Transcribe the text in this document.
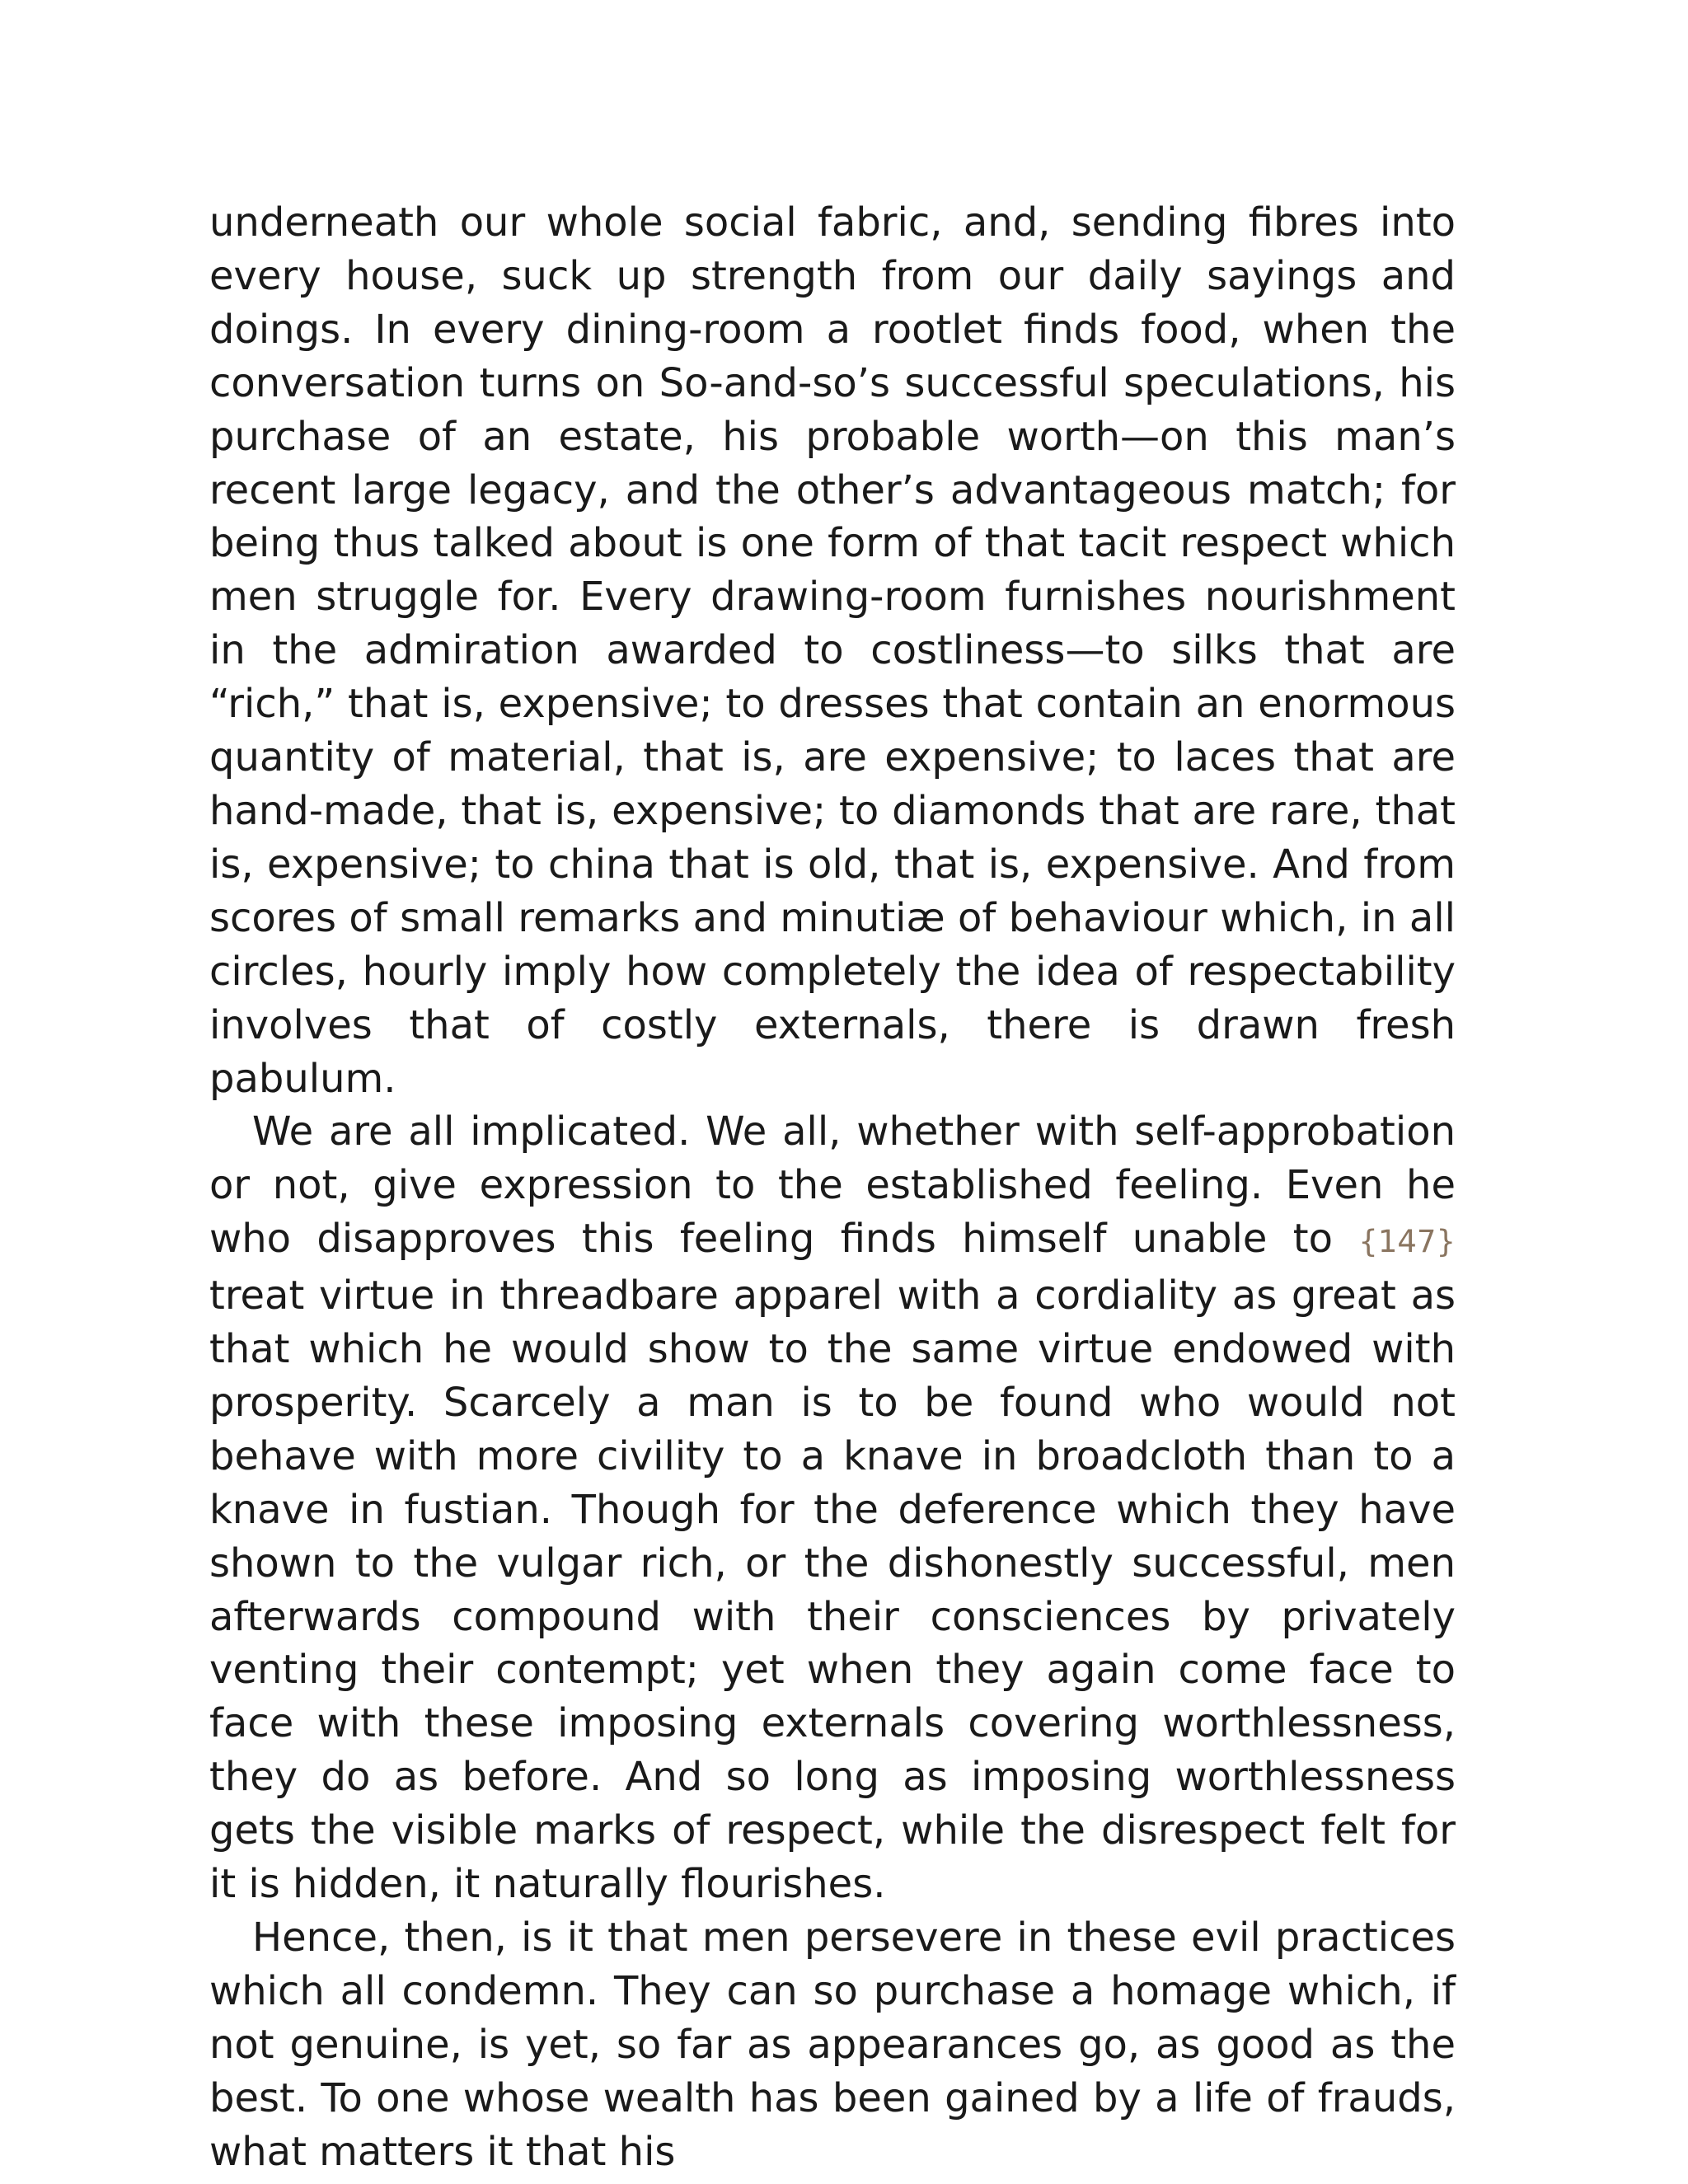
underneath our whole social fabric, and, sending fibres into every house, suck up strength from our daily sayings and doings. In every dining-room a rootlet finds food, when the conversation turns on So-and-so’s successful speculations, his purchase of an estate, his probable worth—on this man’s recent large legacy, and the other’s advantageous match; for being thus talked about is one form of that tacit respect which men struggle for. Every drawing-room furnishes nourishment in the admiration awarded to costliness—to silks that are “rich,” that is, expensive; to dresses that contain an enormous quantity of material, that is, are expensive; to laces that are hand-made, that is, expensive; to diamonds that are rare, that is, expensive; to china that is old, that is, expensive. And from scores of small remarks and minutiæ of behaviour which, in all circles, hourly imply how completely the idea of respectability involves that of costly externals, there is drawn fresh pabulum.

We are all implicated. We all, whether with self-approbation or not, give expression to the established feeling. Even he who disapproves this feeling finds himself unable to {147} treat virtue in threadbare apparel with a cordiality as great as that which he would show to the same virtue endowed with prosperity. Scarcely a man is to be found who would not behave with more civility to a knave in broadcloth than to a knave in fustian. Though for the deference which they have shown to the vulgar rich, or the dishonestly successful, men afterwards compound with their consciences by privately venting their contempt; yet when they again come face to face with these imposing externals covering worthlessness, they do as before. And so long as imposing worthlessness gets the visible marks of respect, while the disrespect felt for it is hidden, it naturally flourishes.

Hence, then, is it that men persevere in these evil practices which all condemn. They can so purchase a homage which, if not genuine, is yet, so far as appearances go, as good as the best. To one whose wealth has been gained by a life of frauds, what matters it that his
